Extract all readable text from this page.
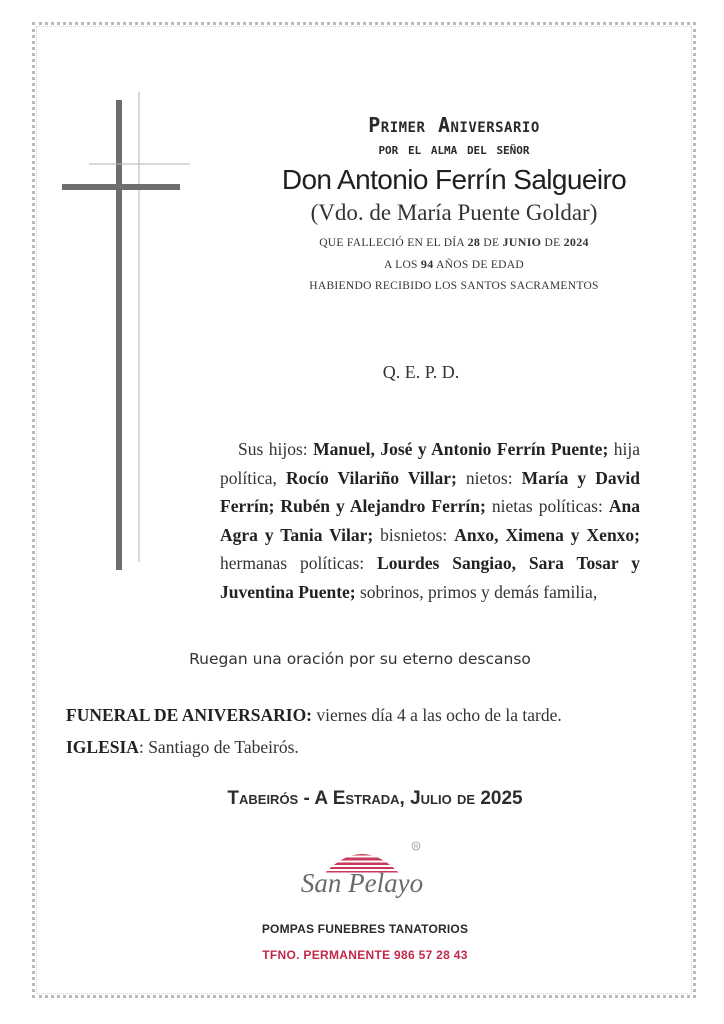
Primer Aniversario
por el alma del señor
Don Antonio Ferrín Salgueiro
(Vdo. de María Puente Goldar)
QUE FALLECIÓ EN EL DÍA 28 DE JUNIO DE 2024
A LOS 94 AÑOS DE EDAD
HABIENDO RECIBIDO LOS SANTOS SACRAMENTOS
Q. E. P. D.
Sus hijos: Manuel, José y Antonio Ferrín Puente; hija política, Rocío Vilariño Villar; nietos: María y David Ferrín; Rubén y Alejandro Ferrín; nietas políticas: Ana Agra y Tania Vilar; bisnietos: Anxo, Ximena y Xenxo; hermanas políticas: Lourdes Sangiao, Sara Tosar y Juventina Puente; sobrinos, primos y demás familia,
Ruegan una oración por su eterno descanso
FUNERAL DE ANIVERSARIO: viernes día 4 a las ocho de la tarde.
IGLESIA: Santiago de Tabeirós.
Tabeirós - A Estrada, Julio de 2025
R
San Pelayo
POMPAS FUNEBRES TANATORIOS
TFNO. PERMANENTE 986 57 28 43
